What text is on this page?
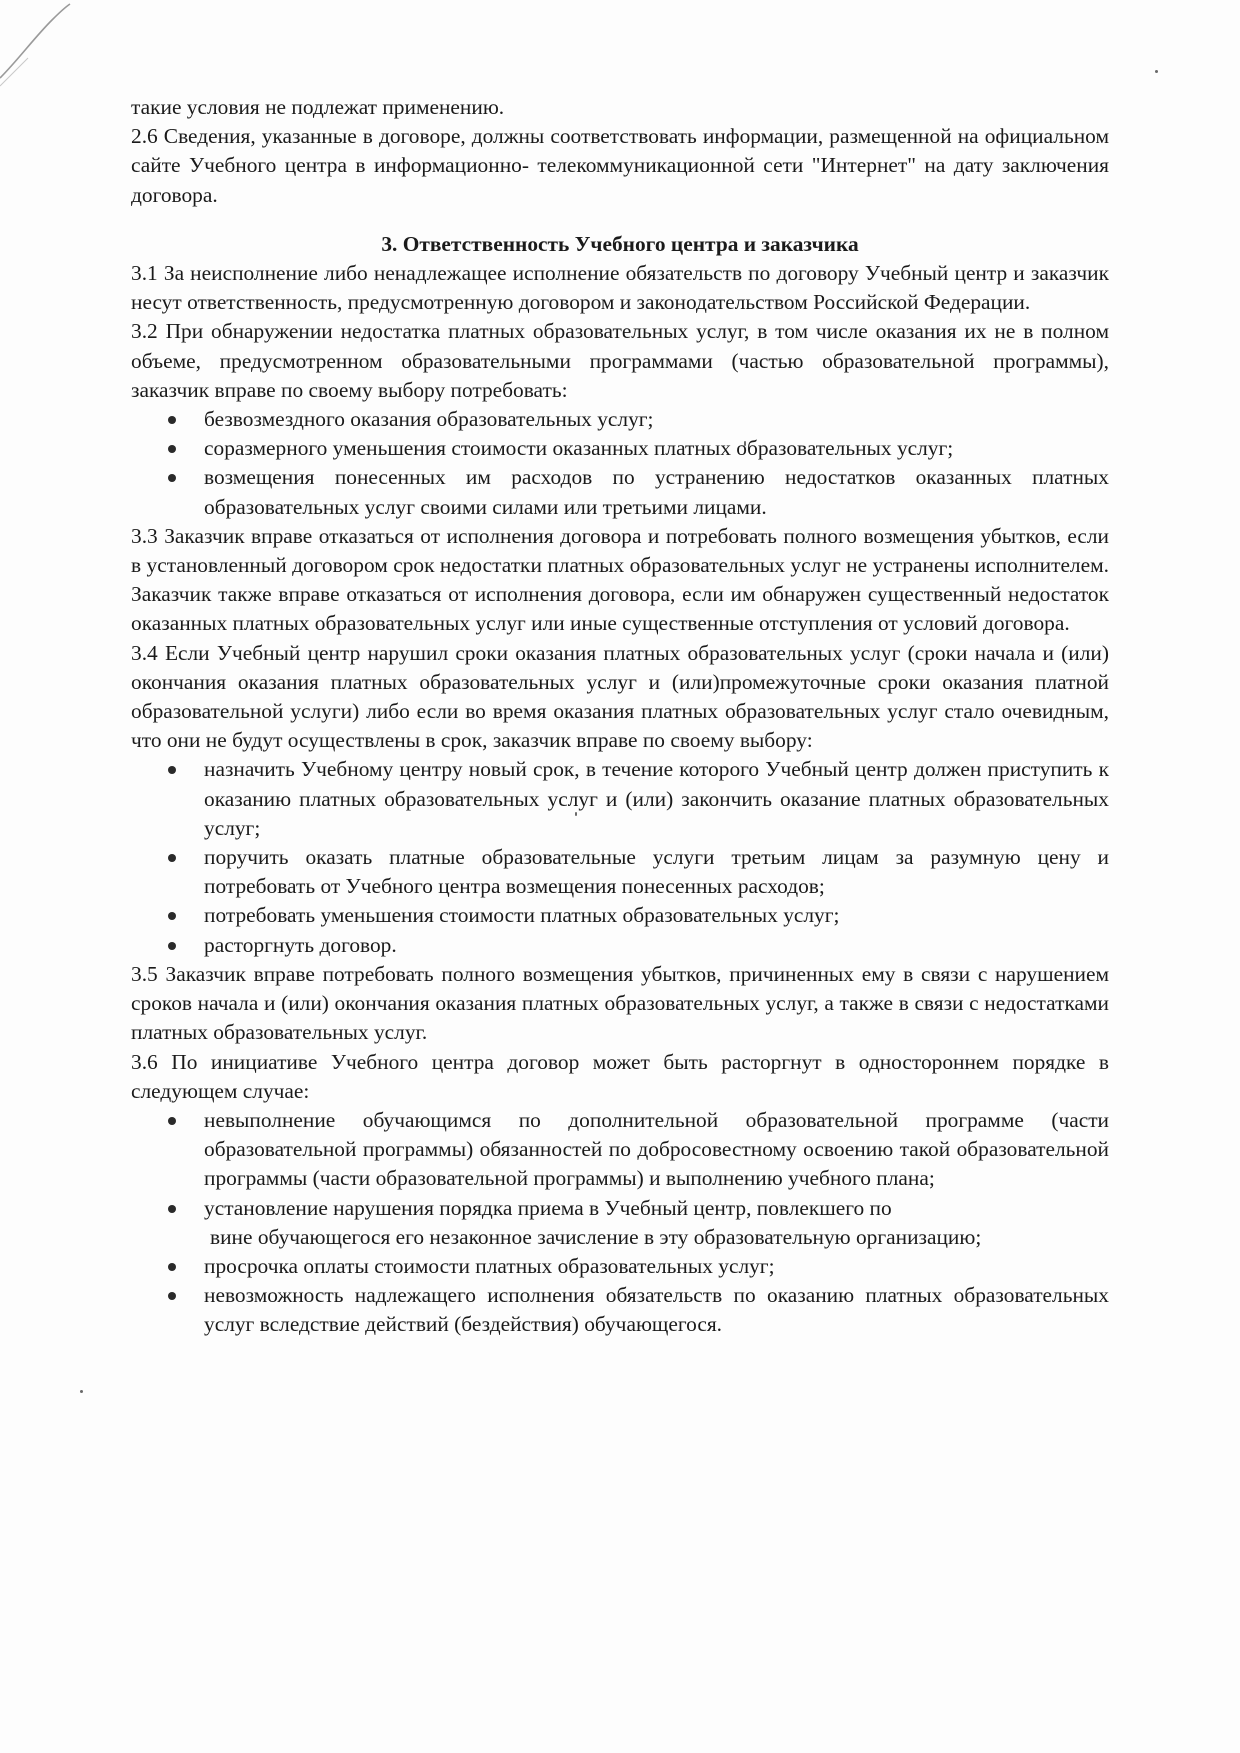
такие условия не подлежат применению.

2.6 Сведения, указанные в договоре, должны соответствовать информации, размещенной на официальном сайте Учебного центра в информационно- телекоммуникационной сети "Интернет" на дату заключения договора.

3. Ответственность Учебного центра и заказчика

3.1 За неисполнение либо ненадлежащее исполнение обязательств по договору Учебный центр и заказчик несут ответственность, предусмотренную договором и законодательством Российской Федерации.

3.2 При обнаружении недостатка платных образовательных услуг, в том числе оказания их не в полном объеме, предусмотренном образовательными программами (частью образовательной программы), заказчик вправе по своему выбору потребовать:

безвозмездного оказания образовательных услуг;
соразмерного уменьшения стоимости оказанных платных образовательных услуг;
возмещения понесенных им расходов по устранению недостатков оказанных платных образовательных услуг своими силами или третьими лицами.

3.3 Заказчик вправе отказаться от исполнения договора и потребовать полного возмещения убытков, если в установленный договором срок недостатки платных образовательных услуг не устранены исполнителем. Заказчик также вправе отказаться от исполнения договора, если им обнаружен существенный недостаток оказанных платных образовательных услуг или иные существенные отступления от условий договора.

3.4 Если Учебный центр нарушил сроки оказания платных образовательных услуг (сроки начала и (или) окончания оказания платных образовательных услуг и (или)промежуточные сроки оказания платной образовательной услуги) либо если во время оказания платных образовательных услуг стало очевидным, что они не будут осуществлены в срок, заказчик вправе по своему выбору:

назначить Учебному центру новый срок, в течение которого Учебный центр должен приступить к оказанию платных образовательных услуг и (или) закончить оказание платных образовательных услуг;
поручить оказать платные образовательные услуги третьим лицам за разумную цену и потребовать от Учебного центра возмещения понесенных расходов;
потребовать уменьшения стоимости платных образовательных услуг;
расторгнуть договор.

3.5 Заказчик вправе потребовать полного возмещения убытков, причиненных ему в связи с нарушением сроков начала и (или) окончания оказания платных образовательных услуг, а также в связи с недостатками платных образовательных услуг.

3.6 По инициативе Учебного центра договор может быть расторгнут в одностороннем порядке в следующем случае:

невыполнение обучающимся по дополнительной образовательной программе (части образовательной программы) обязанностей по добросовестному освоению такой образовательной программы (части образовательной программы) и выполнению учебного плана;
установление нарушения порядка приема в Учебный центр, повлекшего по
вине обучающегося его незаконное зачисление в эту образовательную организацию;
просрочка оплаты стоимости платных образовательных услуг;
невозможность надлежащего исполнения обязательств по оказанию платных образовательных услуг вследствие действий (бездействия) обучающегося.
